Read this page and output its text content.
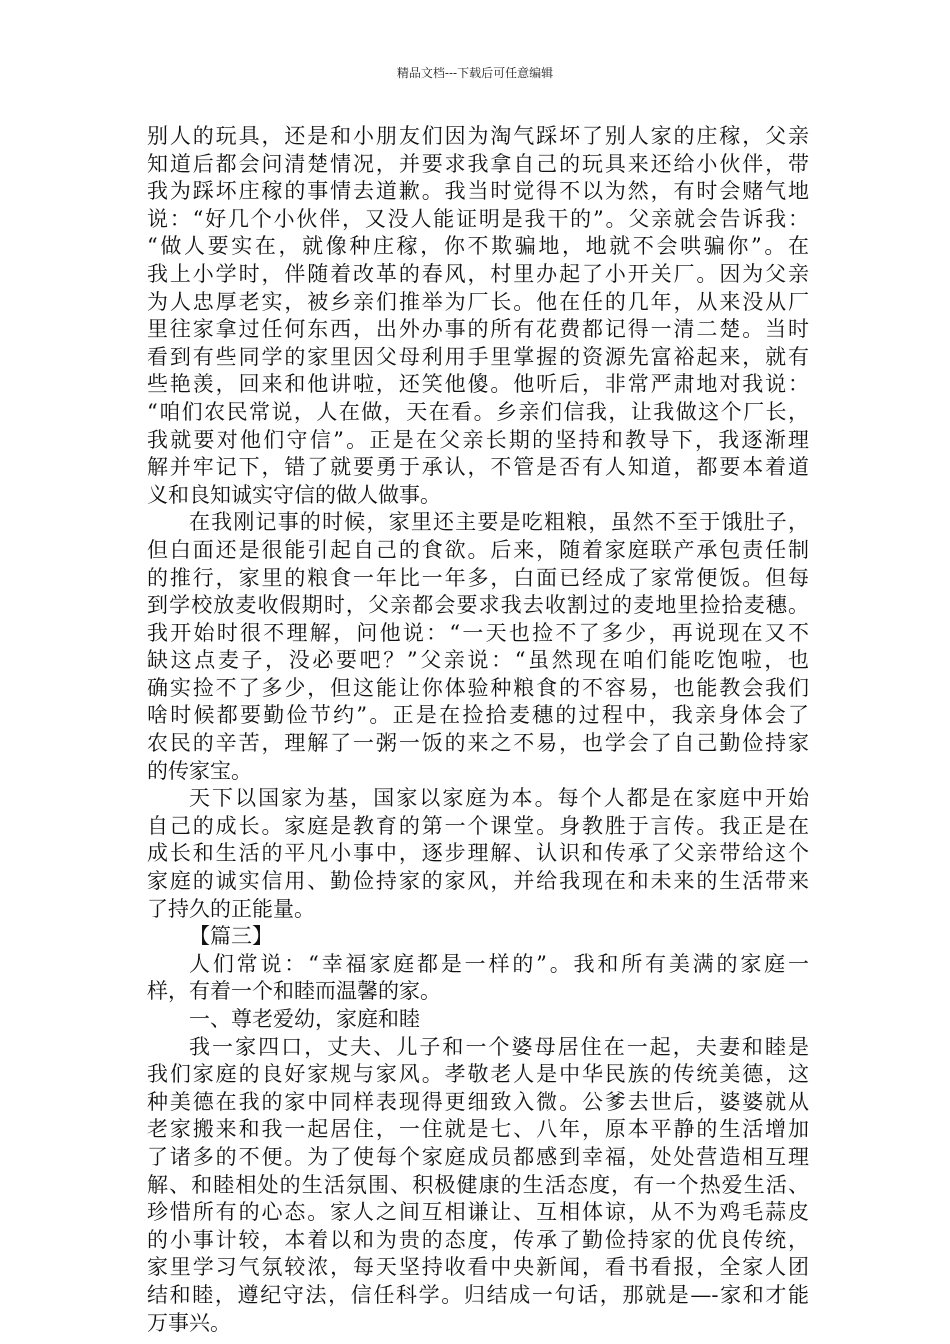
精品文档---下载后可任意编辑
别人的玩具，还是和小朋友们因为淘气踩坏了别人家的庄稼，父亲
知道后都会问清楚情况，并要求我拿自己的玩具来还给小伙伴，带
我为踩坏庄稼的事情去道歉。我当时觉得不以为然，有时会赌气地
说：“好几个小伙伴，又没人能证明是我干的”。父亲就会告诉我：
“做人要实在，就像种庄稼，你不欺骗地，地就不会哄骗你”。在
我上小学时，伴随着改革的春风，村里办起了小开关厂。因为父亲
为人忠厚老实，被乡亲们推举为厂长。他在任的几年，从来没从厂
里往家拿过任何东西，出外办事的所有花费都记得一清二楚。当时
看到有些同学的家里因父母利用手里掌握的资源先富裕起来，就有
些艳羡，回来和他讲啦，还笑他傻。他听后，非常严肃地对我说：
“咱们农民常说，人在做，天在看。乡亲们信我，让我做这个厂长，
我就要对他们守信”。正是在父亲长期的坚持和教导下，我逐渐理
解并牢记下，错了就要勇于承认，不管是否有人知道，都要本着道
义和良知诚实守信的做人做事。
在我刚记事的时候，家里还主要是吃粗粮，虽然不至于饿肚子，
但白面还是很能引起自己的食欲。后来，随着家庭联产承包责任制
的推行，家里的粮食一年比一年多，白面已经成了家常便饭。但每
到学校放麦收假期时，父亲都会要求我去收割过的麦地里捡拾麦穗。
我开始时很不理解，问他说：“一天也捡不了多少，再说现在又不
缺这点麦子，没必要吧？”父亲说：“虽然现在咱们能吃饱啦，也
确实捡不了多少，但这能让你体验种粮食的不容易，也能教会我们
啥时候都要勤俭节约”。正是在捡拾麦穗的过程中，我亲身体会了
农民的辛苦，理解了一粥一饭的来之不易，也学会了自己勤俭持家
的传家宝。
天下以国家为基，国家以家庭为本。每个人都是在家庭中开始
自己的成长。家庭是教育的第一个课堂。身教胜于言传。我正是在
成长和生活的平凡小事中，逐步理解、认识和传承了父亲带给这个
家庭的诚实信用、勤俭持家的家风，并给我现在和未来的生活带来
了持久的正能量。
【篇三】
人们常说：“幸福家庭都是一样的”。我和所有美满的家庭一
样，有着一个和睦而温馨的家。
一、尊老爱幼，家庭和睦
我一家四口，丈夫、儿子和一个婆母居住在一起，夫妻和睦是
我们家庭的良好家规与家风。孝敬老人是中华民族的传统美德，这
种美德在我的家中同样表现得更细致入微。公爹去世后，婆婆就从
老家搬来和我一起居住，一住就是七、八年，原本平静的生活增加
了诸多的不便。为了使每个家庭成员都感到幸福，处处营造相互理
解、和睦相处的生活氛围、积极健康的生活态度，有一个热爱生活、
珍惜所有的心态。家人之间互相谦让、互相体谅，从不为鸡毛蒜皮
的小事计较，本着以和为贵的态度，传承了勤俭持家的优良传统，
家里学习气氛较浓，每天坚持收看中央新闻，看书看报，全家人团
结和睦，遵纪守法，信任科学。归结成一句话，那就是—-家和才能
万事兴。
